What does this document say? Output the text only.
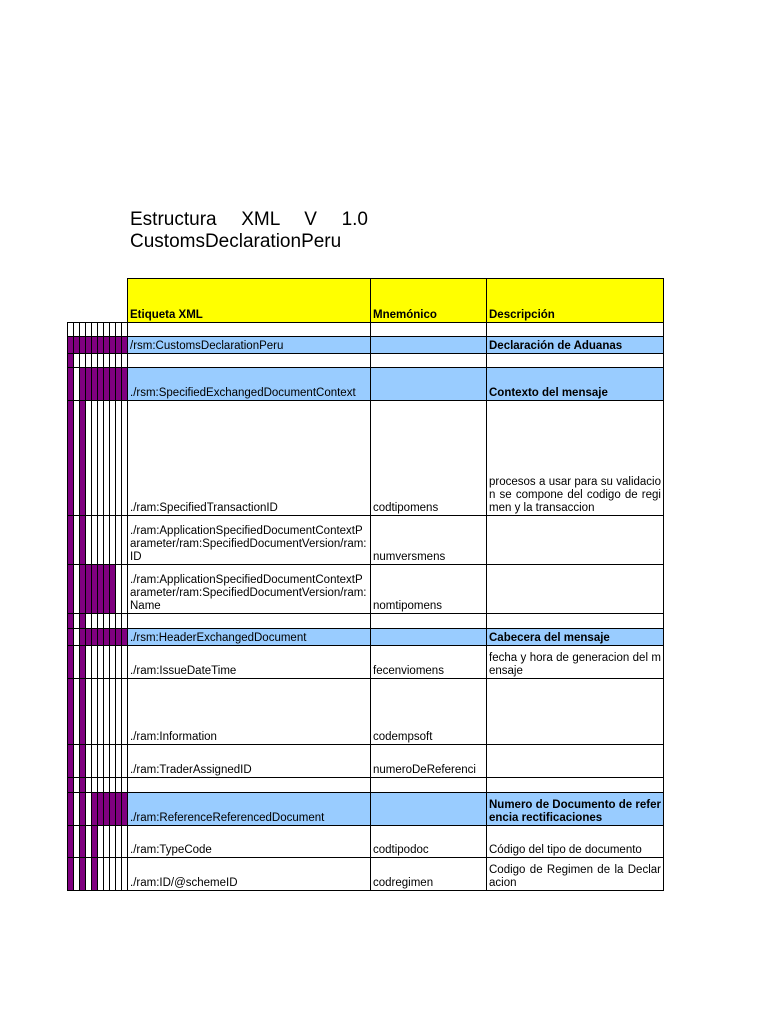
Estructura XML V 1.0
CustomsDeclarationPeru
										Etiqueta XML	Mnemónico	Descripción

										/rsm:CustomsDeclarationPeru		Declaración de Aduanas

										./rsm:SpecifiedExchangedDocumentContext		Contexto del mensaje
										./ram:SpecifiedTransactionID	codtipomens	procesos a usar para su validacion se compone del codigo de regimen y la transaccion
										./ram:ApplicationSpecifiedDocumentContextParameter/ram:SpecifiedDocumentVersion/ram:ID	numversmens	
										./ram:ApplicationSpecifiedDocumentContextParameter/ram:SpecifiedDocumentVersion/ram:Name	nomtipomens	

										./rsm:HeaderExchangedDocument		Cabecera del mensaje
										./ram:IssueDateTime	fecenviomens	fecha y hora de generacion del mensaje
										./ram:Information	codempsoft	
										./ram:TraderAssignedID	numeroDeReferenci	

										./ram:ReferenceReferencedDocument		Numero de Documento de referencia rectificaciones
										./ram:TypeCode	codtipodoc	Código del tipo de documento
										./ram:ID/@schemeID	codregimen	Codigo de Regimen de la Declaracion
